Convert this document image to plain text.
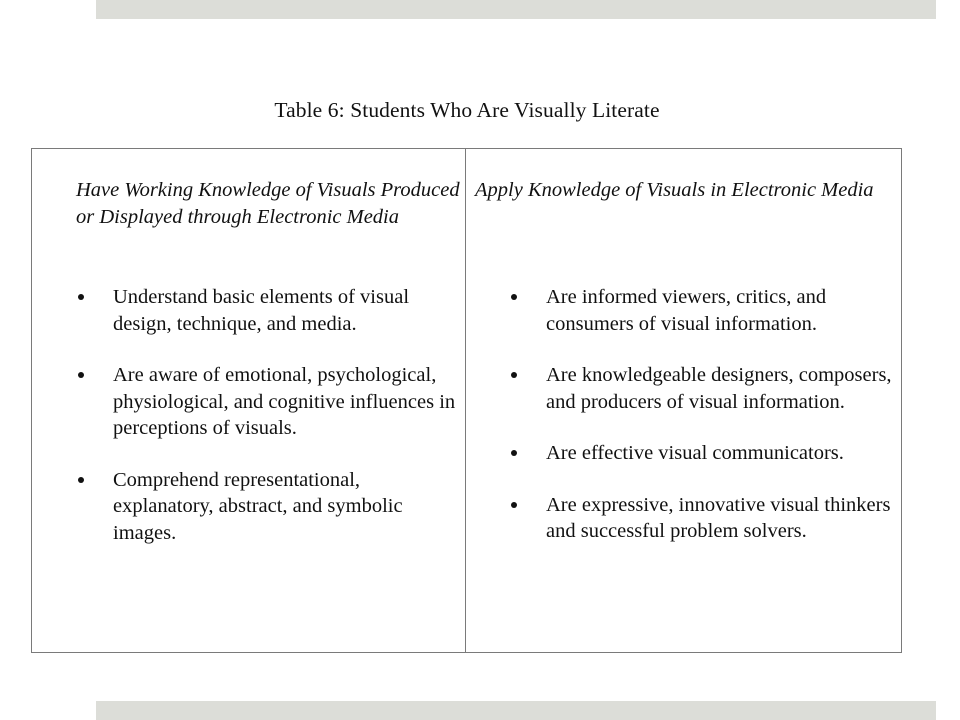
Table 6: Students Who Are Visually Literate
Have Working Knowledge of Visuals Produced or Displayed through Electronic Media
Understand basic elements of visual design, technique, and media.
Are aware of emotional, psychological, physiological, and cognitive influences in perceptions of visuals.
Comprehend representational, explanatory, abstract, and symbolic images.
Apply Knowledge of Visuals in Electronic Media
Are informed viewers, critics, and consumers of visual information.
Are knowledgeable designers, composers, and producers of visual information.
Are effective visual communicators.
Are expressive, innovative visual thinkers and successful problem solvers.
